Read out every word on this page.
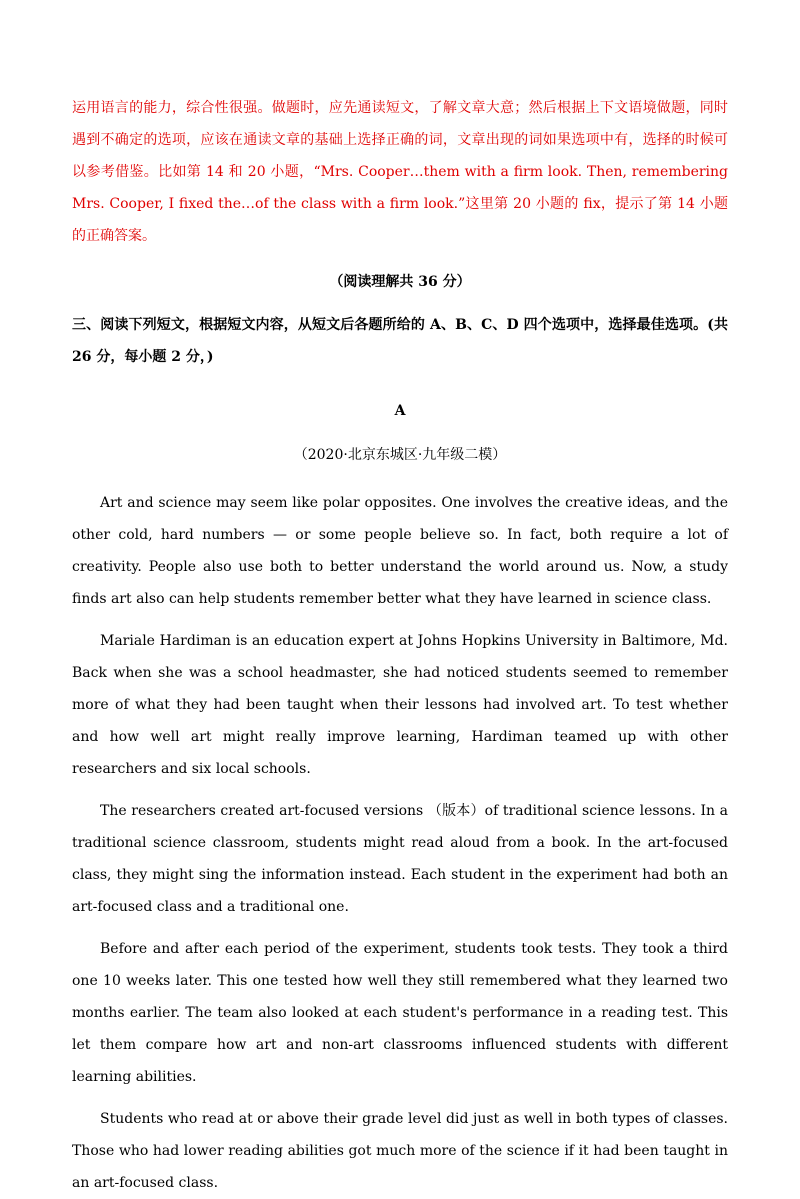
运用语言的能力，综合性很强。做题时，应先通读短文，了解文章大意；然后根据上下文语境做题，同时遇到不确定的选项，应该在通读文章的基础上选择正确的词，文章出现的词如果选项中有，选择的时候可以参考借鉴。比如第 14 和 20 小题，“Mrs. Cooper…them with a firm look. Then, remembering Mrs. Cooper, I fixed the…of the class with a firm look.”这里第 20 小题的 fix，提示了第 14 小题的正确答案。

（阅读理解共 36 分）

三、阅读下列短文，根据短文内容，从短文后各题所给的 A、B、C、D 四个选项中，选择最佳选项。(共 26 分，每小题 2 分，)

A
（2020·北京东城区·九年级二模）

Art and science may seem like polar opposites. One involves the creative ideas, and the other cold, hard numbers — or some people believe so. In fact, both require a lot of creativity. People also use both to better understand the world around us. Now, a study finds art also can help students remember better what they have learned in science class.

Mariale Hardiman is an education expert at Johns Hopkins University in Baltimore, Md. Back when she was a school headmaster, she had noticed students seemed to remember more of what they had been taught when their lessons had involved art. To test whether and how well art might really improve learning, Hardiman teamed up with other researchers and six local schools.

The researchers created art-focused versions （版本）of traditional science lessons. In a traditional science classroom, students might read aloud from a book. In the art-focused class, they might sing the information instead. Each student in the experiment had both an art-focused class and a traditional one.

Before and after each period of the experiment, students took tests. They took a third one 10 weeks later. This one tested how well they still remembered what they learned two months earlier. The team also looked at each student's performance in a reading test. This let them compare how art and non-art classrooms influenced students with different learning abilities.

Students who read at or above their grade level did just as well in both types of classes. Those who had lower reading abilities got much more of the science if it had been taught in an art-focused class.
